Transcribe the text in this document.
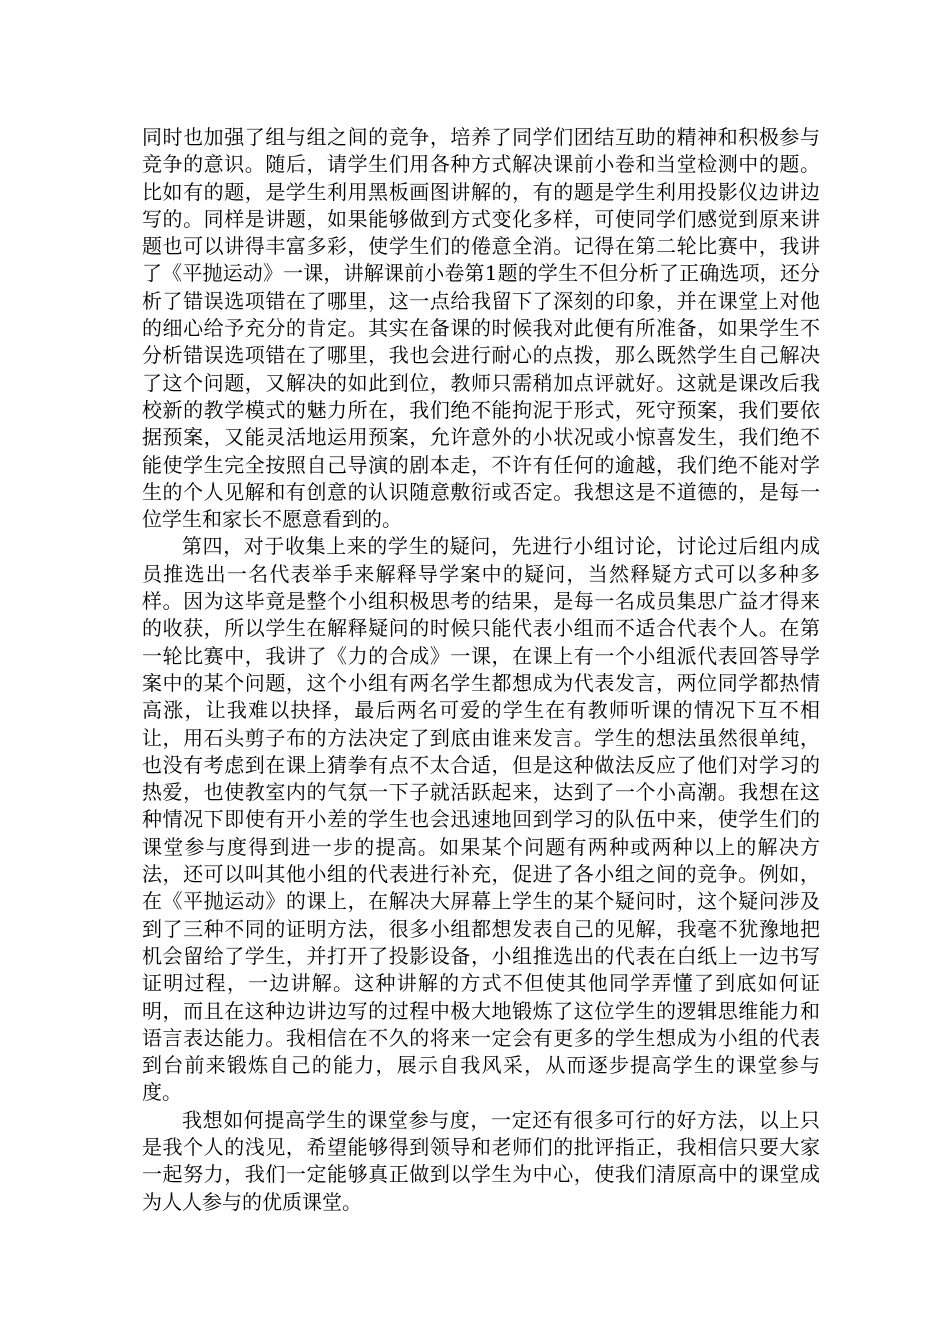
同时也加强了组与组之间的竞争，培养了同学们团结互助的精神和积极参与竞争的意识。随后，请学生们用各种方式解决课前小卷和当堂检测中的题。比如有的题，是学生利用黑板画图讲解的，有的题是学生利用投影仪边讲边写的。同样是讲题，如果能够做到方式变化多样，可使同学们感觉到原来讲题也可以讲得丰富多彩，使学生们的倦意全消。记得在第二轮比赛中，我讲了《平抛运动》一课，讲解课前小卷第1题的学生不但分析了正确选项，还分析了错误选项错在了哪里，这一点给我留下了深刻的印象，并在课堂上对他的细心给予充分的肯定。其实在备课的时候我对此便有所准备，如果学生不分析错误选项错在了哪里，我也会进行耐心的点拨，那么既然学生自己解决了这个问题，又解决的如此到位，教师只需稍加点评就好。这就是课改后我校新的教学模式的魅力所在，我们绝不能拘泥于形式，死守预案，我们要依据预案，又能灵活地运用预案，允许意外的小状况或小惊喜发生，我们绝不能使学生完全按照自己导演的剧本走，不许有任何的逾越，我们绝不能对学生的个人见解和有创意的认识随意敷衍或否定。我想这是不道德的，是每一位学生和家长不愿意看到的。

第四，对于收集上来的学生的疑问，先进行小组讨论，讨论过后组内成员推选出一名代表举手来解释导学案中的疑问，当然释疑方式可以多种多样。因为这毕竟是整个小组积极思考的结果，是每一名成员集思广益才得来的收获，所以学生在解释疑问的时候只能代表小组而不适合代表个人。在第一轮比赛中，我讲了《力的合成》一课，在课上有一个小组派代表回答导学案中的某个问题，这个小组有两名学生都想成为代表发言，两位同学都热情高涨，让我难以抉择，最后两名可爱的学生在有教师听课的情况下互不相让，用石头剪子布的方法决定了到底由谁来发言。学生的想法虽然很单纯，也没有考虑到在课上猜拳有点不太合适，但是这种做法反应了他们对学习的热爱，也使教室内的气氛一下子就活跃起来，达到了一个小高潮。我想在这种情况下即使有开小差的学生也会迅速地回到学习的队伍中来，使学生们的课堂参与度得到进一步的提高。如果某个问题有两种或两种以上的解决方法，还可以叫其他小组的代表进行补充，促进了各小组之间的竞争。例如，在《平抛运动》的课上，在解决大屏幕上学生的某个疑问时，这个疑问涉及到了三种不同的证明方法，很多小组都想发表自己的见解，我毫不犹豫地把机会留给了学生，并打开了投影设备，小组推选出的代表在白纸上一边书写证明过程，一边讲解。这种讲解的方式不但使其他同学弄懂了到底如何证明，而且在这种边讲边写的过程中极大地锻炼了这位学生的逻辑思维能力和语言表达能力。我相信在不久的将来一定会有更多的学生想成为小组的代表到台前来锻炼自己的能力，展示自我风采，从而逐步提高学生的课堂参与度。

我想如何提高学生的课堂参与度，一定还有很多可行的好方法，以上只是我个人的浅见，希望能够得到领导和老师们的批评指正，我相信只要大家一起努力，我们一定能够真正做到以学生为中心，使我们清原高中的课堂成为人人参与的优质课堂。
